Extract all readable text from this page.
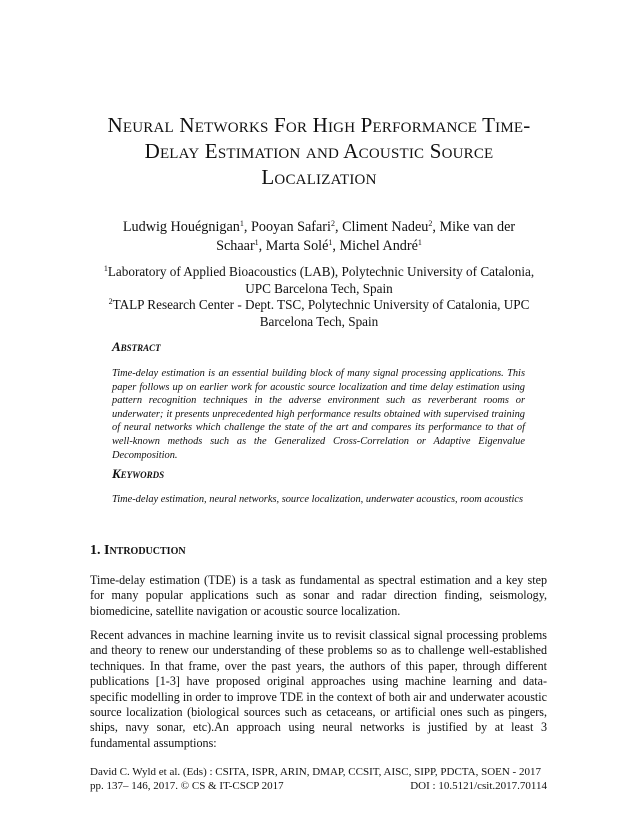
Neural Networks For High Performance Time-Delay Estimation and Acoustic Source Localization
Ludwig Houégnigan$^1$, Pooyan Safari$^2$, Climent Nadeu$^2$, Mike van der Schaar$^1$, Marta Solé$^1$, Michel André$^1$
$^1$Laboratory of Applied Bioacoustics (LAB), Polytechnic University of Catalonia, UPC Barcelona Tech, Spain
$^2$TALP Research Center - Dept. TSC, Polytechnic University of Catalonia, UPC Barcelona Tech, Spain
Abstract
Time-delay estimation is an essential building block of many signal processing applications. This paper follows up on earlier work for acoustic source localization and time delay estimation using pattern recognition techniques in the adverse environment such as reverberant rooms or underwater; it presents unprecedented high performance results obtained with supervised training of neural networks which challenge the state of the art and compares its performance to that of well-known methods such as the Generalized Cross-Correlation or Adaptive Eigenvalue Decomposition.
Keywords
Time-delay estimation, neural networks, source localization, underwater acoustics, room acoustics
1. Introduction
Time-delay estimation (TDE) is a task as fundamental as spectral estimation and a key step for many popular applications such as sonar and radar direction finding, seismology, biomedicine, satellite navigation or acoustic source localization.
Recent advances in machine learning invite us to revisit classical signal processing problems and theory to renew our understanding of these problems so as to challenge well-established techniques. In that frame, over the past years, the authors of this paper, through different publications [1-3] have proposed original approaches using machine learning and data-specific modelling in order to improve TDE in the context of both air and underwater acoustic source localization (biological sources such as cetaceans, or artificial ones such as pingers, ships, navy sonar, etc).An approach using neural networks is justified by at least 3 fundamental assumptions:
David C. Wyld et al. (Eds) : CSITA, ISPR, ARIN, DMAP, CCSIT, AISC, SIPP, PDCTA, SOEN - 2017
pp. 137– 146, 2017. © CS & IT-CSCP 2017	DOI : 10.5121/csit.2017.70114
